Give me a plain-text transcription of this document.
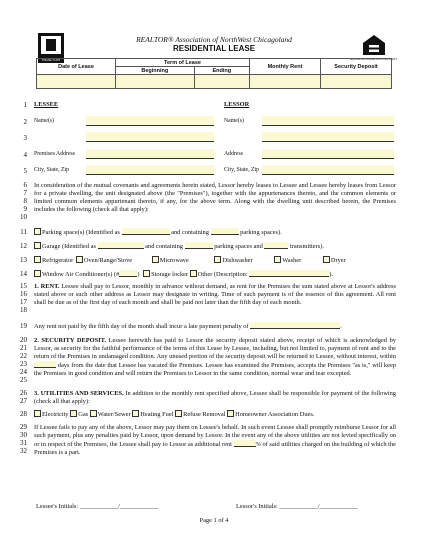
REALTOR	EQUAL HOUSING OPPORTUNITY
REALTOR® Association of NorthWest Chicagoland
RESIDENTIAL LEASE
Date of Lease	Term of Lease		Monthly Rent	Security Deposit
	Beginning	Ending		

1 LESSEE	LESSOR
2 Name(s)	Name(s)
3
4 Premises Address	Address
5 City, State, Zip	City, State, Zip
6
7
8
9
10
In consideration of the mutual covenants and agreements herein stated, Lessor hereby leases to Lessee and Lessee hereby leases from Lessor for a private dwelling, the unit designated above (the "Premises"), together with the appurtenances thereto, and the common elements or limited common elements appurtenant thereto, if any, for the above term. Along with the dwelling unit described herein, the Premises includes the following (check all that apply):
11	Parking space(s) (Identified as	and containing	parking spaces).
12	Garage (Identified as	and containing	parking spaces and	transmitters).
13	Refrigerator Oven/Range/Stove	Microwave	Dishwasher	Washer	Dryer
14	Window Air Conditioner(s) (#	) Storage locker Other (Description:	).
15
16
17
18
1. RENT. Lessee shall pay to Lessor, monthly in advance without demand, as rent for the Premises the sum stated above at Lessor's address stated above or such other address as Lessor may designate in writing. Time of such payment is of the essence of this agreement. All rent shall be due as of the first day of each month and shall be paid not later than the fifth day of each month.
19 Any rent not paid by the fifth day of the month shall incur a late payment penalty of	.
20
21
22
23
24
25
2. SECURITY DEPOSIT. Lessee herewith has paid to Lessor the security deposit stated above, receipt of which is acknowledged by Lessor, as security for the faithful performance of the terms of this Lease by Lessee, including, but not limited to, payment of rent and to the return of the Premises in undamaged condition. Any unused portion of the security deposit will be returned to Lessee, without interest, within  days from the date that Lessee has vacated the Premises. Lessee has examined the Premises, accepts the Premises "as is," will keep the Premises in good condition and will return the Premises to Lessor in the same condition, normal wear and tear excepted.
26
27
3. UTILITIES AND SERVICES. In addition to the monthly rent specified above, Lessee shall be responsible for payment of the following (check all that apply):
28	Electricity Gas Water/Sewer Heating Fuel Refuse Removal Homeowner Association Dues.
29
30
31
32
If Lessee fails to pay any of the above, Lessor may pay them on Lessee's behalf. In such event Lessee shall promptly reimburse Lessor for all such payment, plus any penalties paid by Lessor, upon demand by Lessor. In the event any of the above utilities are not levied specifically on or in respect of the Premises, the Lessee shall pay to Lessor as additional rent	% of said utilities charged on the building of which the Premises is a part.
Lessee's Initials: ____________/____________	Lessor's Initials: ____________/____________
Page 1 of 4
